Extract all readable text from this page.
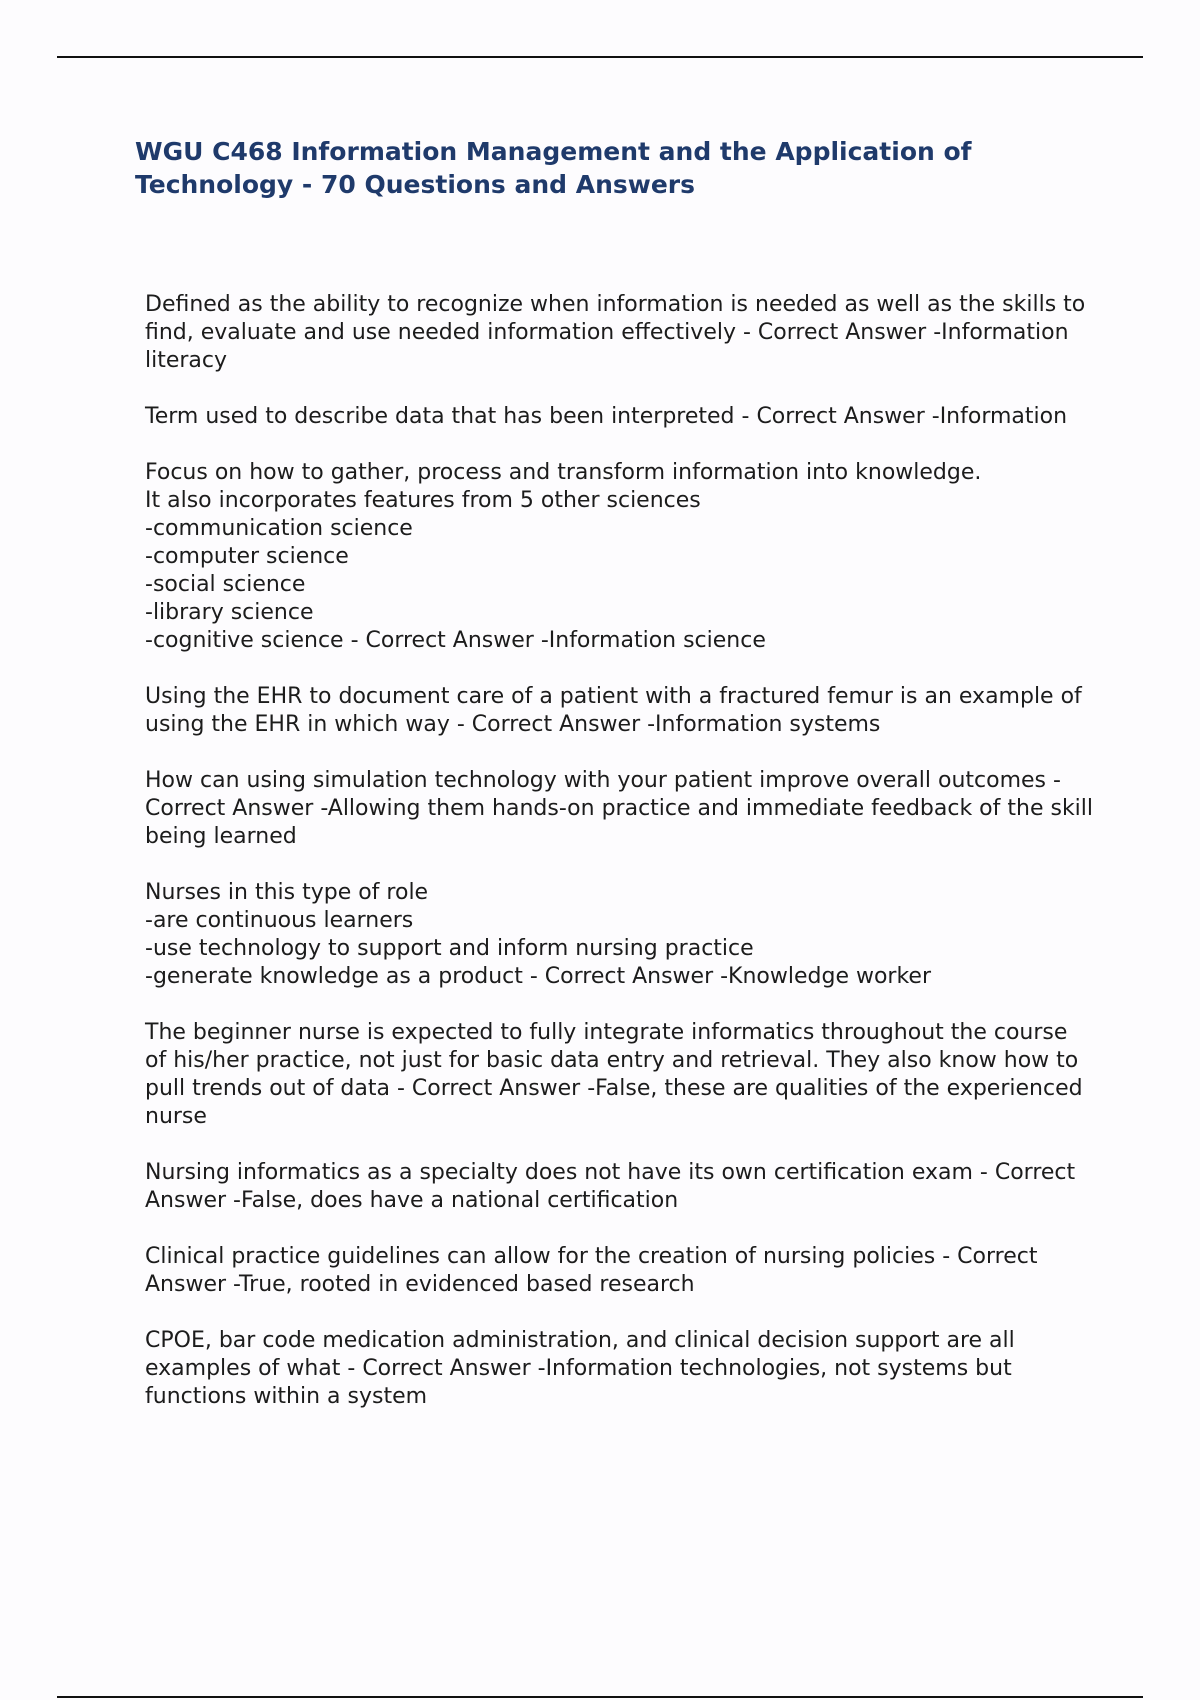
WGU C468 Information Management and the Application of Technology - 70 Questions and Answers

Defined as the ability to recognize when information is needed as well as the skills to find, evaluate and use needed information effectively - Correct Answer -Information literacy

Term used to describe data that has been interpreted - Correct Answer -Information

Focus on how to gather, process and transform information into knowledge.
It also incorporates features from 5 other sciences
-communication science
-computer science
-social science
-library science
-cognitive science - Correct Answer -Information science

Using the EHR to document care of a patient with a fractured femur is an example of using the EHR in which way - Correct Answer -Information systems

How can using simulation technology with your patient improve overall outcomes - Correct Answer -Allowing them hands-on practice and immediate feedback of the skill being learned

Nurses in this type of role
-are continuous learners
-use technology to support and inform nursing practice
-generate knowledge as a product - Correct Answer -Knowledge worker

The beginner nurse is expected to fully integrate informatics throughout the course of his/her practice, not just for basic data entry and retrieval. They also know how to pull trends out of data - Correct Answer -False, these are qualities of the experienced nurse

Nursing informatics as a specialty does not have its own certification exam - Correct Answer -False, does have a national certification

Clinical practice guidelines can allow for the creation of nursing policies - Correct Answer -True, rooted in evidenced based research

CPOE, bar code medication administration, and clinical decision support are all examples of what - Correct Answer -Information technologies, not systems but functions within a system
